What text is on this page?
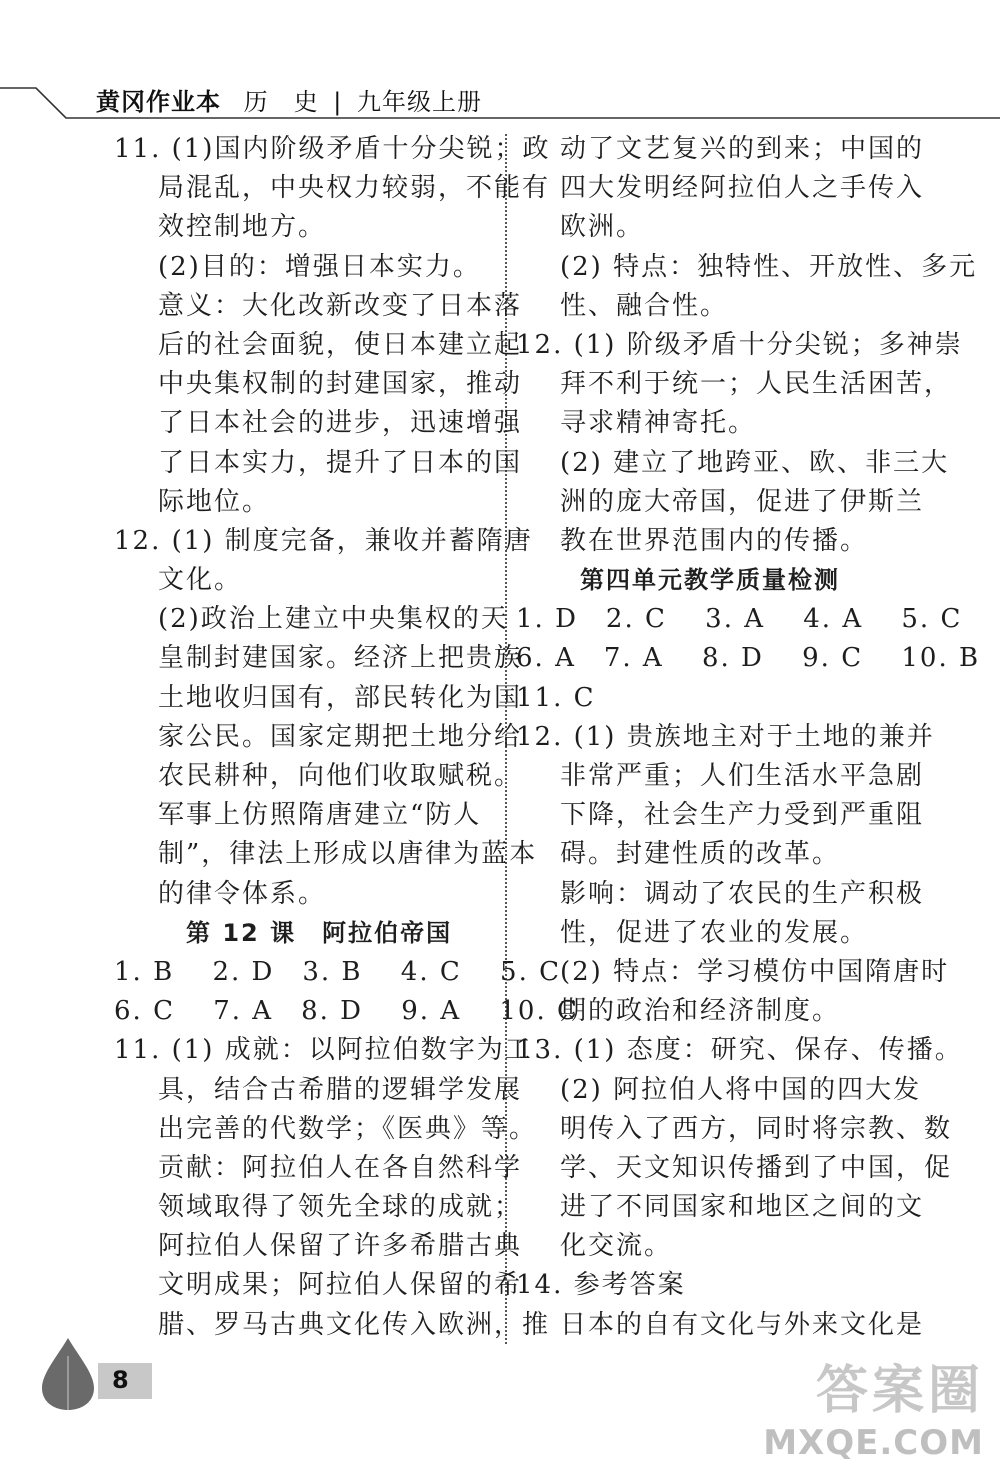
黄冈作业本 历　史 | 九年级上册
11. (1)国内阶级矛盾十分尖锐；政
局混乱，中央权力较弱，不能有
效控制地方。
(2)目的：增强日本实力。
意义：大化改新改变了日本落
后的社会面貌，使日本建立起
中央集权制的封建国家，推动
了日本社会的进步，迅速增强
了日本实力，提升了日本的国
际地位。
12. (1) 制度完备，兼收并蓄隋唐
文化。
(2)政治上建立中央集权的天
皇制封建国家。经济上把贵族
土地收归国有，部民转化为国
家公民。国家定期把土地分给
农民耕种，向他们收取赋税。
军事上仿照隋唐建立“防人
制”，律法上形成以唐律为蓝本
的律令体系。
第 12 课　阿拉伯帝国
1. B　 2. D　3. B　 4. C　 5. C
6. C　 7. A　8. D　 9. A　 10. C
11. (1) 成就：以阿拉伯数字为工
具，结合古希腊的逻辑学发展
出完善的代数学；《医典》等。
贡献：阿拉伯人在各自然科学
领域取得了领先全球的成就；
阿拉伯人保留了许多希腊古典
文明成果；阿拉伯人保留的希
腊、罗马古典文化传入欧洲，推
动了文艺复兴的到来；中国的
四大发明经阿拉伯人之手传入
欧洲。
(2) 特点：独特性、开放性、多元
性、融合性。
12. (1) 阶级矛盾十分尖锐；多神崇
拜不利于统一；人民生活困苦，
寻求精神寄托。
(2) 建立了地跨亚、欧、非三大
洲的庞大帝国，促进了伊斯兰
教在世界范围内的传播。
第四单元教学质量检测
1. D　2. C　 3. A　 4. A　 5. C
6. A　7. A　 8. D　 9. C　 10. B
11. C
12. (1) 贵族地主对于土地的兼并
非常严重；人们生活水平急剧
下降，社会生产力受到严重阻
碍。封建性质的改革。
影响：调动了农民的生产积极
性，促进了农业的发展。
(2) 特点：学习模仿中国隋唐时
期的政治和经济制度。
13. (1) 态度：研究、保存、传播。
(2) 阿拉伯人将中国的四大发
明传入了西方，同时将宗教、数
学、天文知识传播到了中国，促
进了不同国家和地区之间的文
化交流。
14. 参考答案
日本的自有文化与外来文化是
8	答案圈
MXQE.COM
